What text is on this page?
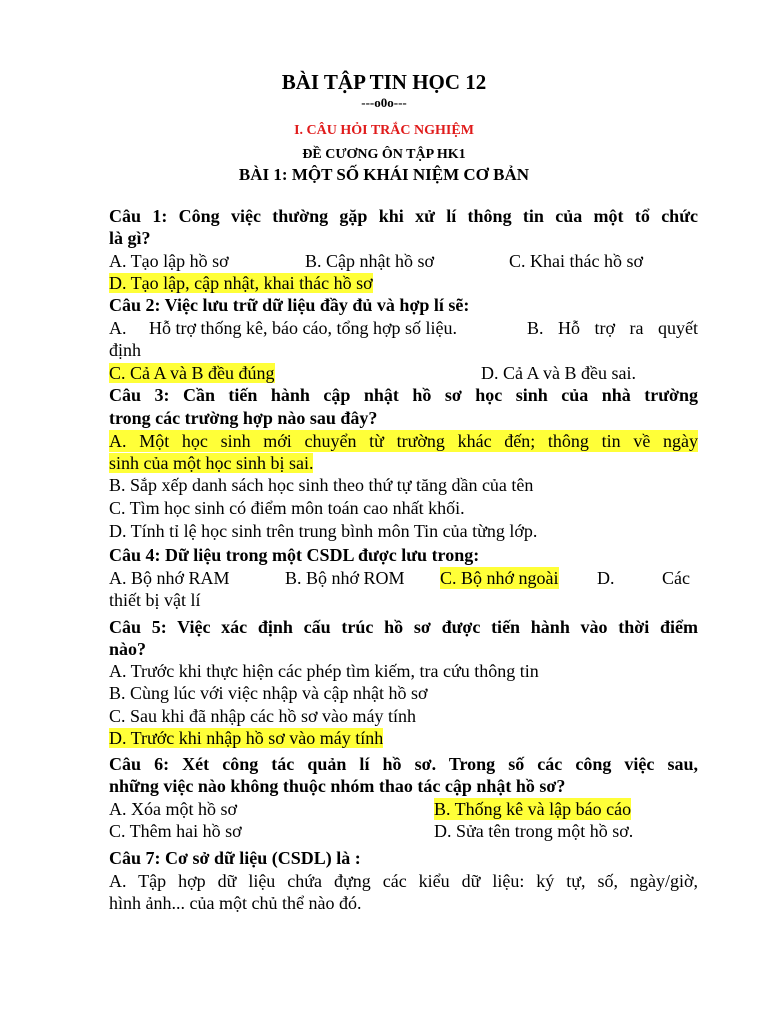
BÀI TẬP TIN HỌC 12
---o0o---
I. CÂU HỎI TRẮC NGHIỆM
ĐỀ CƯƠNG ÔN TẬP HK1
BÀI 1: MỘT SỐ KHÁI NIỆM CƠ BẢN
Câu 1: Công việc thường gặp khi xử lí thông tin của một tổ chức
là gì?
A. Tạo lập hồ sơ	B. Cập nhật hồ sơ	C. Khai thác hồ sơ
D. Tạo lập, cập nhật, khai thác hồ sơ
Câu 2: Việc lưu trữ dữ liệu đầy đủ và hợp lí sẽ:
A.     Hỗ trợ thống kê, báo cáo, tổng hợp số liệu.	B. Hỗ trợ ra quyết
định
C. Cả A và B đều đúng	D. Cả A và B đều sai.
Câu 3: Cần tiến hành cập nhật hồ sơ học sinh của nhà trường
trong các trường hợp nào sau đây?
A. Một học sinh mới chuyển từ trường khác đến; thông tin về ngày
sinh của một học sinh bị sai.
B. Sắp xếp danh sách học sinh theo thứ tự tăng dần của tên
C. Tìm học sinh có điểm môn toán cao nhất khối.
D. Tính tỉ lệ học sinh trên trung bình môn Tin của từng lớp.
Câu 4: Dữ liệu trong một CSDL được lưu trong:
A. Bộ nhớ RAM	B. Bộ nhớ ROM C. Bộ nhớ ngoài D.	Các
thiết bị vật lí
Câu 5: Việc xác định cấu trúc hồ sơ được tiến hành vào thời điểm
nào?
A. Trước khi thực hiện các phép tìm kiếm, tra cứu thông tin
B. Cùng lúc với việc nhập và cập nhật hồ sơ
C. Sau khi đã nhập các hồ sơ vào máy tính
D. Trước khi nhập hồ sơ vào máy tính
Câu 6: Xét công tác quản lí hồ sơ. Trong số các công việc sau,
những việc nào không thuộc nhóm thao tác cập nhật hồ sơ?
A. Xóa một hồ sơ	B. Thống kê và lập báo cáo
C. Thêm hai hồ sơ	D. Sửa tên trong một hồ sơ.
Câu 7: Cơ sở dữ liệu (CSDL) là :
A. Tập hợp dữ liệu chứa đựng các kiểu dữ liệu: ký tự, số, ngày/giờ,
hình ảnh... của một chủ thể nào đó.
